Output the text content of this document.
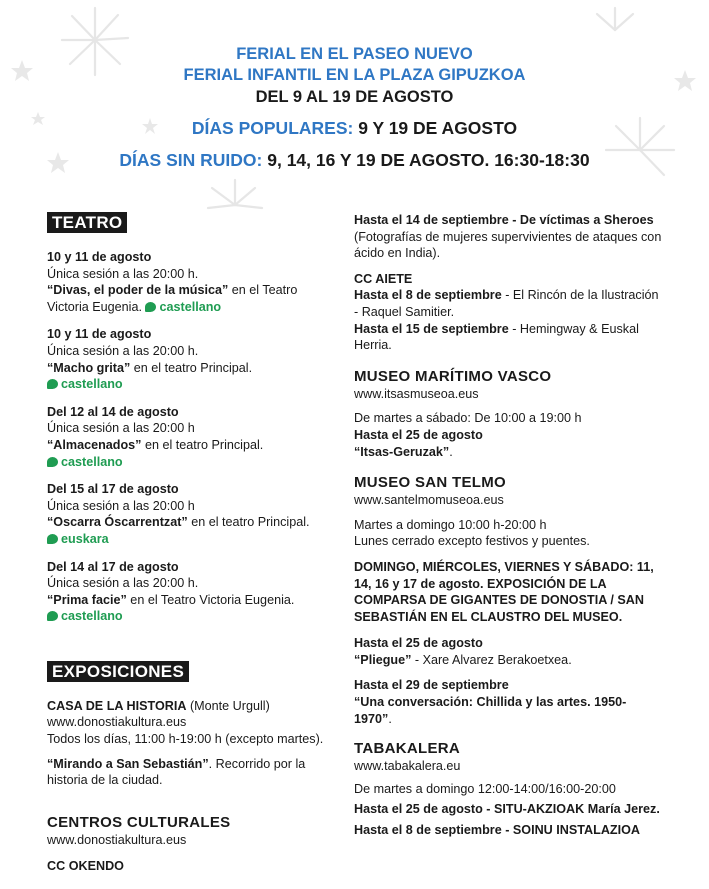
FERIAL EN EL PASEO NUEVO
FERIAL INFANTIL EN LA PLAZA GIPUZKOA
DEL 9 AL 19 DE AGOSTO
DÍAS POPULARES: 9 Y 19 DE AGOSTO
DÍAS SIN RUIDO: 9, 14, 16 Y 19 DE AGOSTO. 16:30-18:30
TEATRO
10 y 11 de agosto
Única sesión a las 20:00 h.
“Divas, el poder de la música” en el Teatro Victoria Eugenia. castellano
10 y 11 de agosto
Única sesión a las 20:00 h.
“Macho grita” en el teatro Principal.
castellano
Del 12 al 14 de agosto
Única sesión a las 20:00 h
“Almacenados” en el teatro Principal.
castellano
Del 15 al 17 de agosto
Única sesión a las 20:00 h
“Oscarra Óscarrentzat” en el teatro Principal.
euskara
Del 14 al 17 de agosto
Única sesión a las 20:00 h.
“Prima facie” en el Teatro Victoria Eugenia.
castellano
EXPOSICIONES
CASA DE LA HISTORIA (Monte Urgull)
www.donostiakultura.eus
Todos los días, 11:00 h-19:00 h (excepto martes).
“Mirando a San Sebastián”. Recorrido por la historia de la ciudad.
CENTROS CULTURALES
www.donostiakultura.eus
CC OKENDO
Hasta el 14 de septiembre - De víctimas a Sheroes (Fotografías de mujeres supervivientes de ataques con ácido en India).
CC AIETE
Hasta el 8 de septiembre - El Rincón de la Ilustración - Raquel Samitier.
Hasta el 15 de septiembre - Hemingway & Euskal Herria.
MUSEO MARÍTIMO VASCO
www.itsasmuseoa.eus
De martes a sábado: De 10:00 a 19:00 h
Hasta el 25 de agosto
“Itsas-Geruzak”.
MUSEO SAN TELMO
www.santelmomuseoa.eus
Martes a domingo 10:00 h-20:00 h
Lunes cerrado excepto festivos y puentes.
DOMINGO, MIÉRCOLES, VIERNES Y SÁBADO: 11, 14, 16 y 17 de agosto. EXPOSICIÓN DE LA COMPARSA DE GIGANTES DE DONOSTIA / SAN SEBASTIÁN EN EL CLAUSTRO DEL MUSEO.
Hasta el 25 de agosto
“Pliegue” - Xare Alvarez Berakoetxea.
Hasta el 29 de septiembre
“Una conversación: Chillida y las artes. 1950-1970”.
TABAKALERA
www.tabakalera.eu
De martes a domingo 12:00-14:00/16:00-20:00
Hasta el 25 de agosto - SITU-AKZIOAK María Jerez.
Hasta el 8 de septiembre - SOINU INSTALAZIOA
